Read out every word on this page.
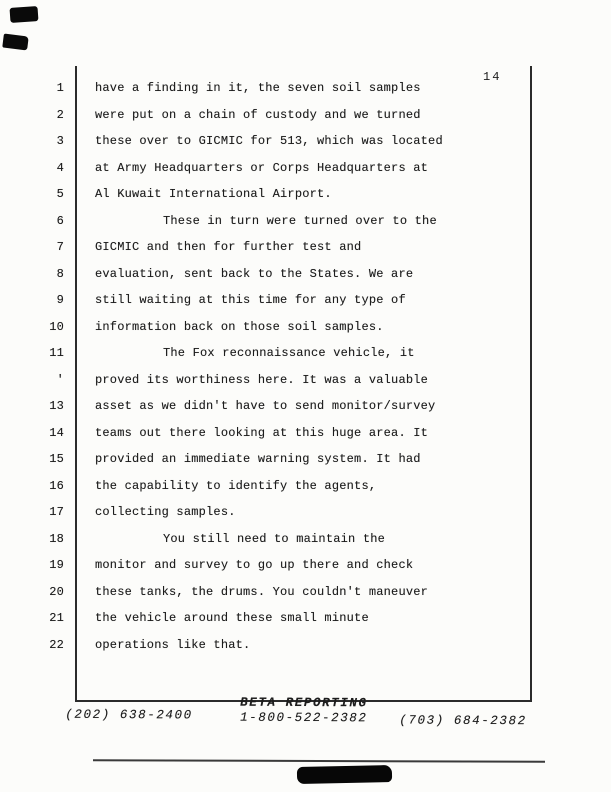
14
1	have a finding in it, the seven soil samples
2	were put on a chain of custody and we turned
3	these over to GICMIC for 513, which was located
4	at Army Headquarters or Corps Headquarters at
5	Al Kuwait International Airport.
6	These in turn were turned over to the
7	GICMIC and then for further test and
8	evaluation, sent back to the States. We are
9	still waiting at this time for any type of
10	information back on those soil samples.
11	The Fox reconnaissance vehicle, it
'	proved its worthiness here. It was a valuable
13	asset as we didn't have to send monitor/survey
14	teams out there looking at this huge area. It
15	provided an immediate warning system. It had
16	the capability to identify the agents,
17	collecting samples.
18	You still need to maintain the
19	monitor and survey to go up there and check
20	these tanks, the drums. You couldn't maneuver
21	the vehicle around these small minute
22	operations like that.
BETA REPORTING
1-800-522-2382
(202) 638-2400	(703) 684-2382
